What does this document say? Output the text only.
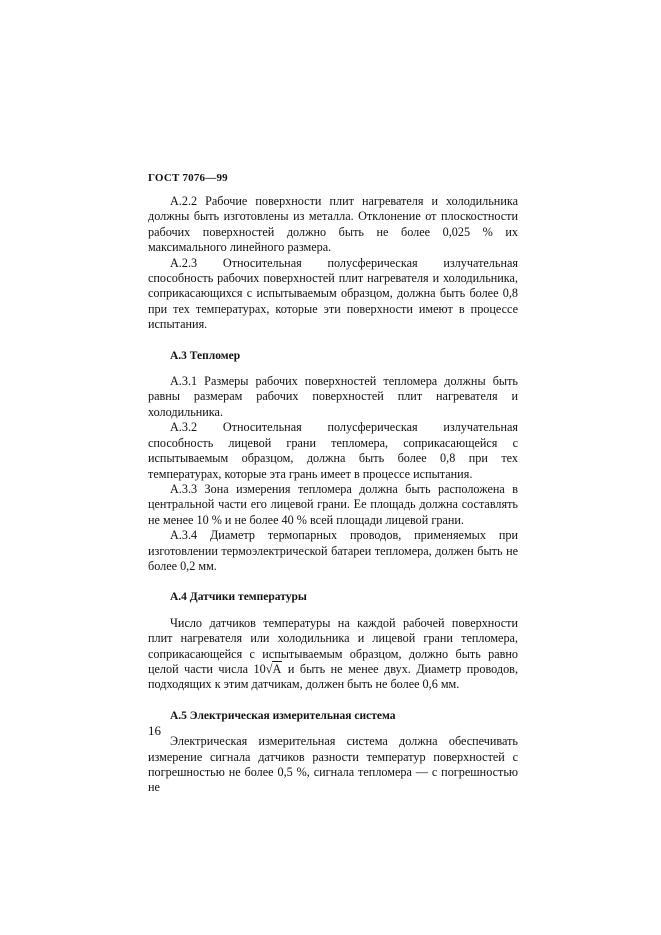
ГОСТ 7076—99

А.2.2 Рабочие поверхности плит нагревателя и холодильника должны быть изготовлены из металла. Отклонение от плоскостности рабочих поверхностей должно быть не более 0,025 % их максимального линейного размера.

А.2.3 Относительная полусферическая излучательная способность рабочих поверхностей плит нагревателя и холодильника, соприкасающихся с испытываемым образцом, должна быть более 0,8 при тех температурах, которые эти поверхности имеют в процессе испытания.

А.3 Тепломер

А.3.1 Размеры рабочих поверхностей тепломера должны быть равны размерам рабочих поверхностей плит нагревателя и холодильника.

А.3.2 Относительная полусферическая излучательная способность лицевой грани тепломера, соприкасающейся с испытываемым образцом, должна быть более 0,8 при тех температурах, которые эта грань имеет в процессе испытания.

А.3.3 Зона измерения тепломера должна быть расположена в центральной части его лицевой грани. Ее площадь должна составлять не менее 10 % и не более 40 % всей площади лицевой грани.

А.3.4 Диаметр термопарных проводов, применяемых при изготовлении термоэлектрической батареи тепломера, должен быть не более 0,2 мм.

А.4 Датчики температуры

Число датчиков температуры на каждой рабочей поверхности плит нагревателя или холодильника и лицевой грани тепломера, соприкасающейся с испытываемым образцом, должно быть равно целой части числа 10√A и быть не менее двух. Диаметр проводов, подходящих к этим датчикам, должен быть не более 0,6 мм.

А.5 Электрическая измерительная система

Электрическая измерительная система должна обеспечивать измерение сигнала датчиков разности температур поверхностей с погрешностью не более 0,5 %, сигнала тепломера — с погрешностью не

16
